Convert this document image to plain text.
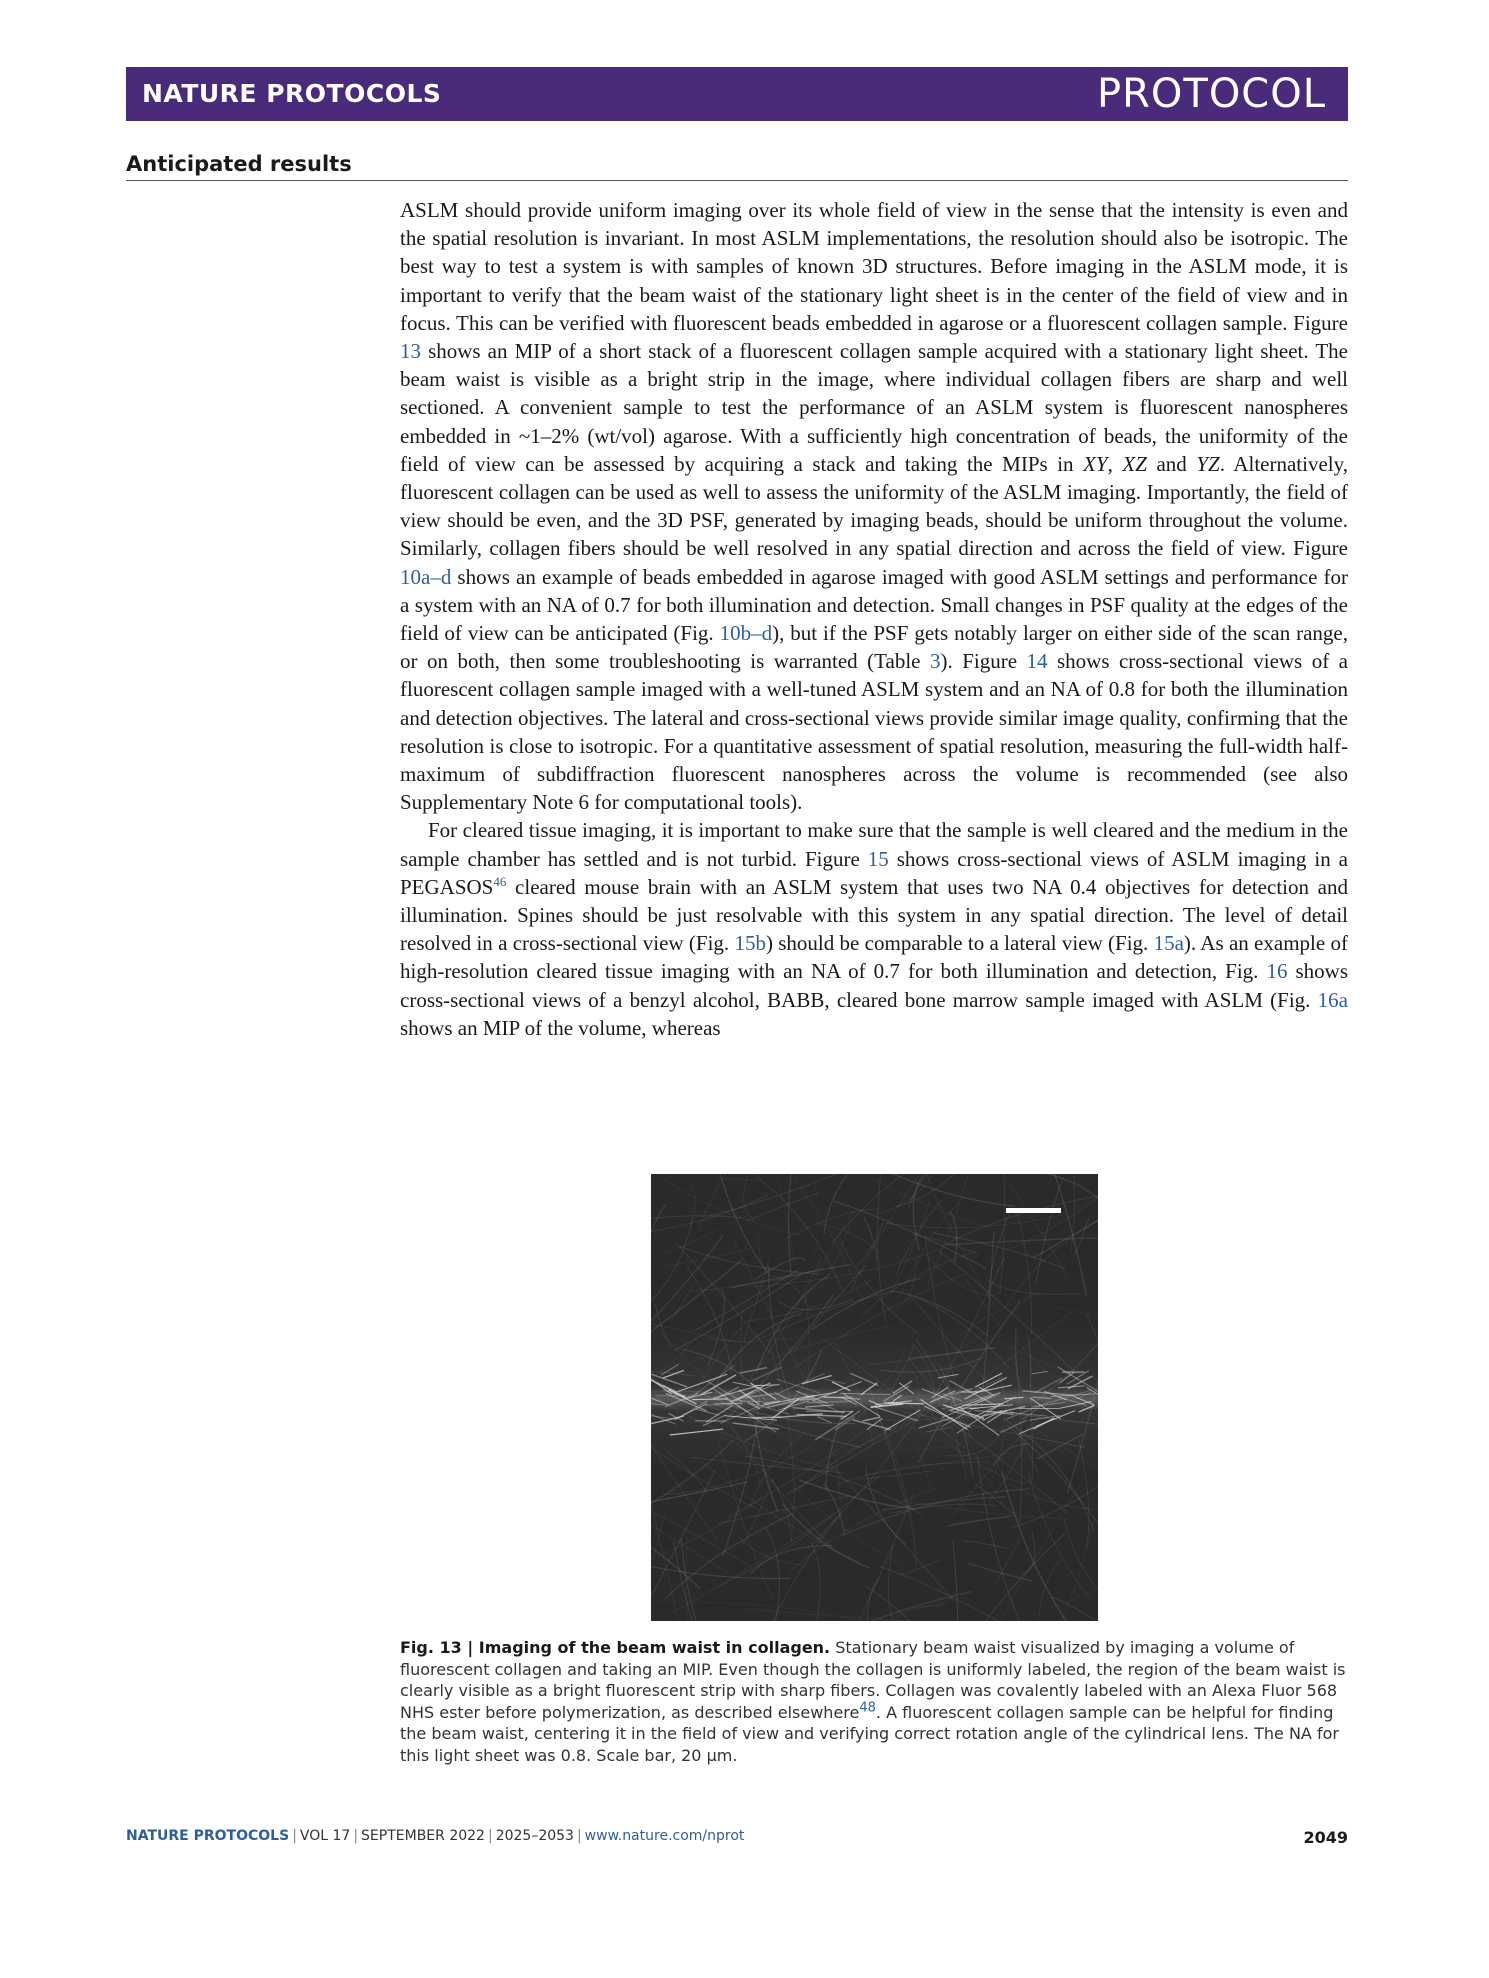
NATURE PROTOCOLS	PROTOCOL
Anticipated results

ASLM should provide uniform imaging over its whole field of view in the sense that the intensity is even and the spatial resolution is invariant. In most ASLM implementations, the resolution should also be isotropic. The best way to test a system is with samples of known 3D structures. Before imaging in the ASLM mode, it is important to verify that the beam waist of the stationary light sheet is in the center of the field of view and in focus. This can be verified with fluorescent beads embedded in agarose or a fluorescent collagen sample. Figure 13 shows an MIP of a short stack of a fluorescent collagen sample acquired with a stationary light sheet. The beam waist is visible as a bright strip in the image, where individual collagen fibers are sharp and well sectioned. A convenient sample to test the performance of an ASLM system is fluorescent nanospheres embedded in ~1–2% (wt/vol) agarose. With a sufficiently high concentration of beads, the uniformity of the field of view can be assessed by acquiring a stack and taking the MIPs in XY, XZ and YZ. Alternatively, fluorescent collagen can be used as well to assess the uniformity of the ASLM imaging. Importantly, the field of view should be even, and the 3D PSF, generated by imaging beads, should be uniform throughout the volume. Similarly, collagen fibers should be well resolved in any spatial direction and across the field of view. Figure 10a–d shows an example of beads embedded in agarose imaged with good ASLM settings and performance for a system with an NA of 0.7 for both illumination and detection. Small changes in PSF quality at the edges of the field of view can be anticipated (Fig. 10b–d), but if the PSF gets notably larger on either side of the scan range, or on both, then some troubleshooting is warranted (Table 3). Figure 14 shows cross-sectional views of a fluorescent collagen sample imaged with a well-tuned ASLM system and an NA of 0.8 for both the illumination and detection objectives. The lateral and cross-sectional views provide similar image quality, confirming that the resolution is close to isotropic. For a quantitative assessment of spatial resolution, measuring the full-width half-maximum of subdiffraction fluorescent nanospheres across the volume is recommended (see also Supplementary Note 6 for computational tools).

For cleared tissue imaging, it is important to make sure that the sample is well cleared and the medium in the sample chamber has settled and is not turbid. Figure 15 shows cross-sectional views of ASLM imaging in a PEGASOS$^{46}$ cleared mouse brain with an ASLM system that uses two NA 0.4 objectives for detection and illumination. Spines should be just resolvable with this system in any spatial direction. The level of detail resolved in a cross-sectional view (Fig. 15b) should be comparable to a lateral view (Fig. 15a). As an example of high-resolution cleared tissue imaging with an NA of 0.7 for both illumination and detection, Fig. 16 shows cross-sectional views of a benzyl alcohol, BABB, cleared bone marrow sample imaged with ASLM (Fig. 16a shows an MIP of the volume, whereas

Fig. 13 | Imaging of the beam waist in collagen. Stationary beam waist visualized by imaging a volume of fluorescent collagen and taking an MIP. Even though the collagen is uniformly labeled, the region of the beam waist is clearly visible as a bright fluorescent strip with sharp fibers. Collagen was covalently labeled with an Alexa Fluor 568 NHS ester before polymerization, as described elsewhere$^{48}$. A fluorescent collagen sample can be helpful for finding the beam waist, centering it in the field of view and verifying correct rotation angle of the cylindrical lens. The NA for this light sheet was 0.8. Scale bar, 20 μm.
NATURE PROTOCOLS | VOL 17 | SEPTEMBER 2022 | 2025–2053 | www.nature.com/nprot	2049
